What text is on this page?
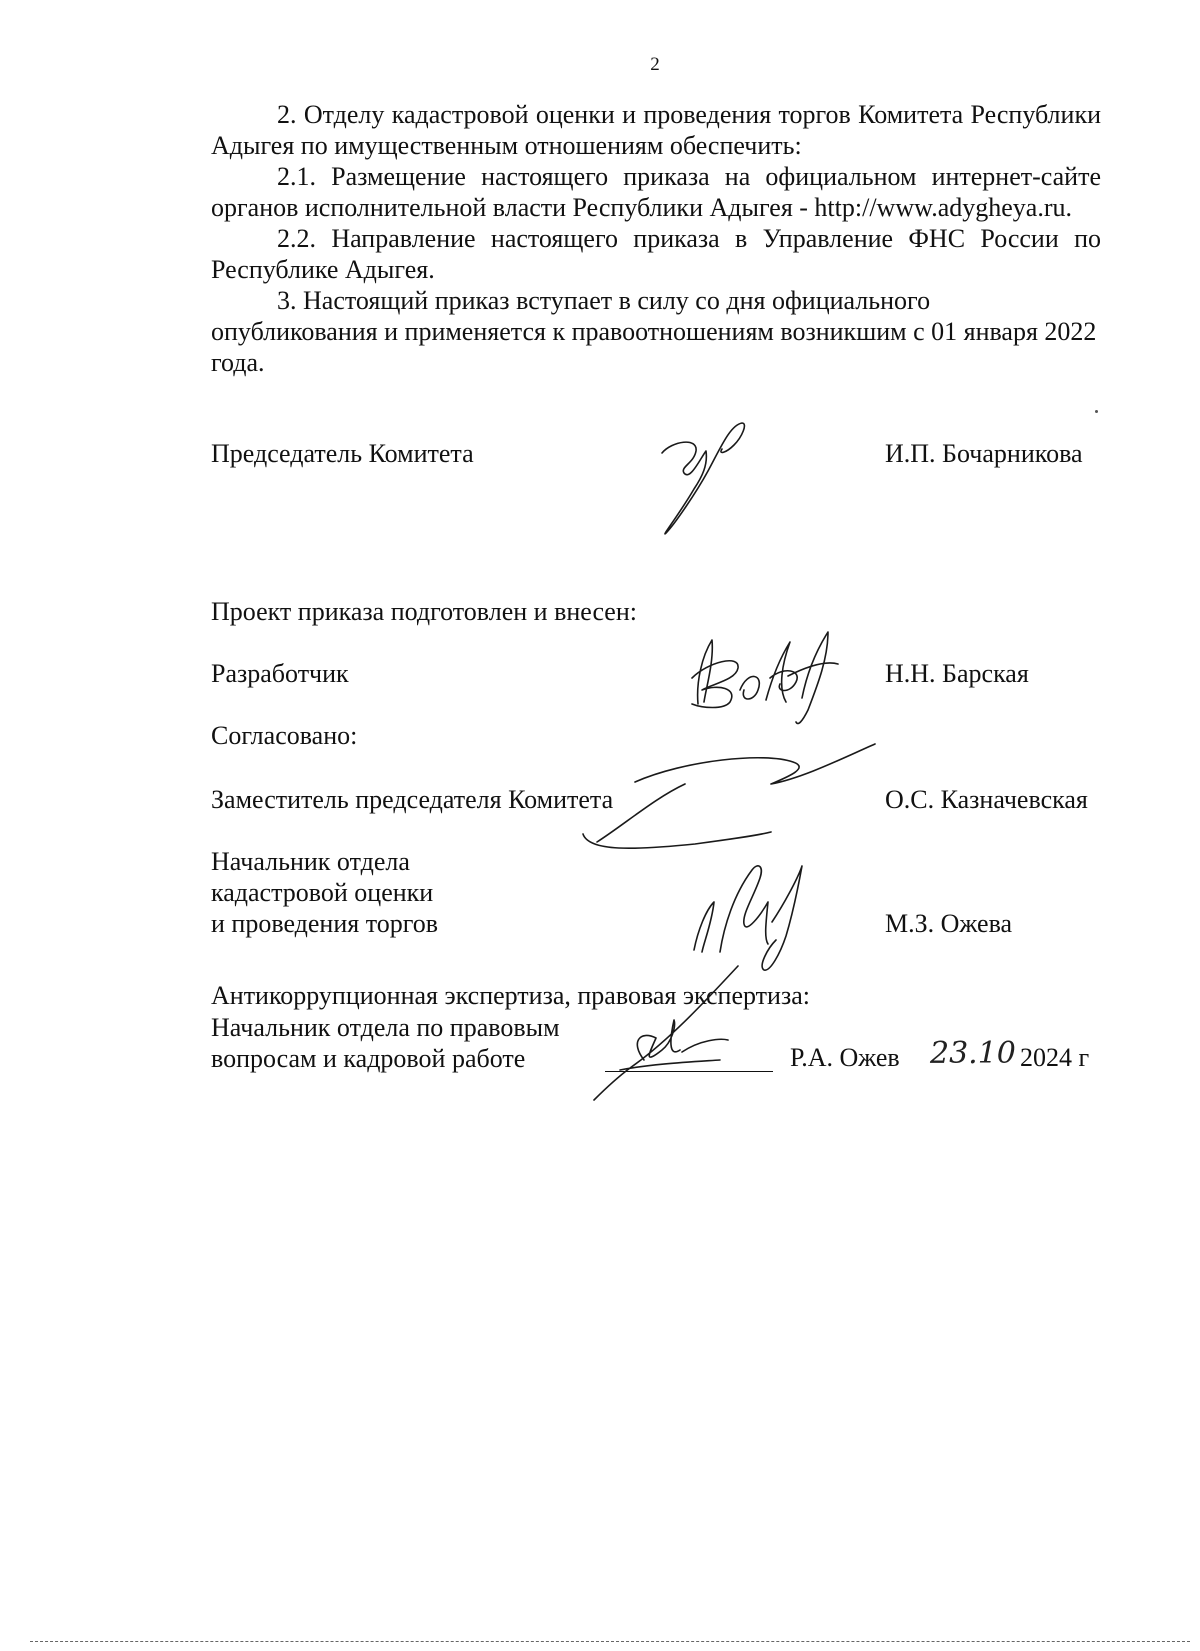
2

2. Отделу кадастровой оценки и проведения торгов Комитета Республики Адыгея по имущественным отношениям обеспечить:

2.1. Размещение настоящего приказа на официальном интернет-сайте органов исполнительной власти Республики Адыгея - http://www.adygheya.ru.

2.2. Направление настоящего приказа в Управление ФНС России по Республике Адыгея.

3. Настоящий приказ вступает в силу со дня официального опубликования и применяется к правоотношениям возникшим с 01 января 2022 года.

Председатель Комитета	И.П. Бочарникова
Проект приказа подготовлен и внесен:
Разработчик	Н.Н. Барская
Согласовано:
Заместитель председателя Комитета	О.С. Казначевская
Начальник отдела
кадастровой оценки
и проведения торгов	М.З. Ожева
Антикоррупционная экспертиза, правовая экспертиза:
Начальник отдела по правовым
вопросам и кадровой работе	Р.А. Ожев 23.10 2024 г
